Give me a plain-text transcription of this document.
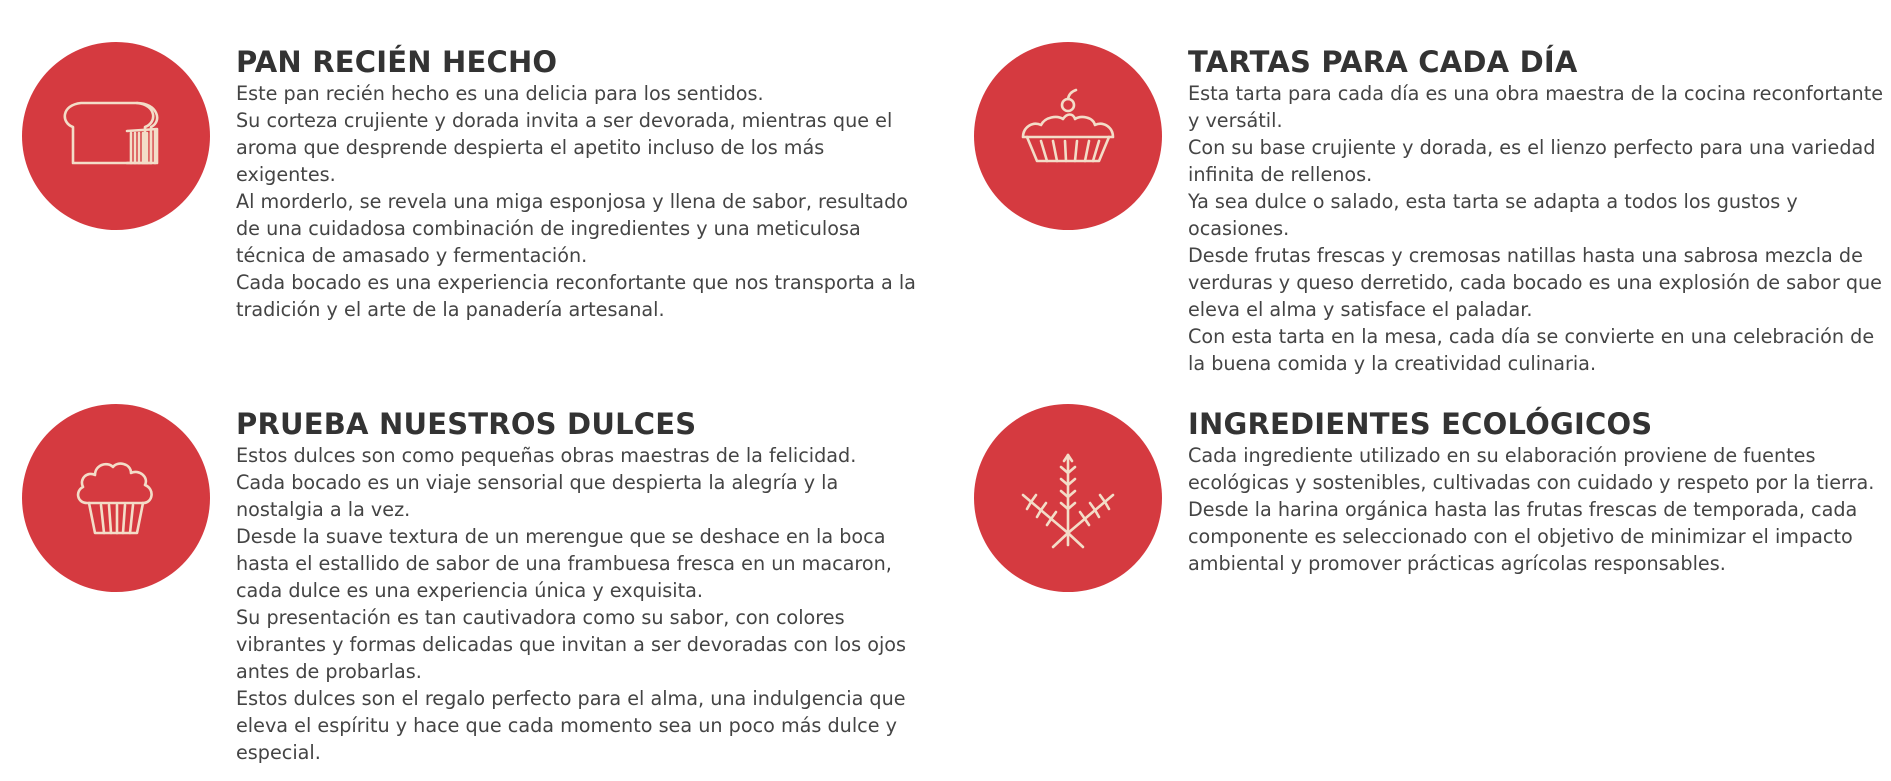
PAN RECIÉN HECHO

Este pan recién hecho es una delicia para los sentidos.

Su corteza crujiente y dorada invita a ser devorada, mientras que el aroma que desprende despierta el apetito incluso de los más exigentes.

Al morderlo, se revela una miga esponjosa y llena de sabor, resultado de una cuidadosa combinación de ingredientes y una meticulosa técnica de amasado y fermentación.

Cada bocado es una experiencia reconfortante que nos transporta a la tradición y el arte de la panadería artesanal.

TARTAS PARA CADA DÍA

Esta tarta para cada día es una obra maestra de la cocina reconfortante y versátil.

Con su base crujiente y dorada, es el lienzo perfecto para una variedad infinita de rellenos.

Ya sea dulce o salado, esta tarta se adapta a todos los gustos y ocasiones.

Desde frutas frescas y cremosas natillas hasta una sabrosa mezcla de verduras y queso derretido, cada bocado es una explosión de sabor que eleva el alma y satisface el paladar.

Con esta tarta en la mesa, cada día se convierte en una celebración de la buena comida y la creatividad culinaria.

PRUEBA NUESTROS DULCES

Estos dulces son como pequeñas obras maestras de la felicidad.

Cada bocado es un viaje sensorial que despierta la alegría y la nostalgia a la vez.

Desde la suave textura de un merengue que se deshace en la boca hasta el estallido de sabor de una frambuesa fresca en un macaron,

cada dulce es una experiencia única y exquisita.

Su presentación es tan cautivadora como su sabor, con colores vibrantes y formas delicadas que invitan a ser devoradas con los ojos antes de probarlas.

Estos dulces son el regalo perfecto para el alma, una indulgencia que eleva el espíritu y hace que cada momento sea un poco más dulce y especial.

INGREDIENTES ECOLÓGICOS

Cada ingrediente utilizado en su elaboración proviene de fuentes ecológicas y sostenibles, cultivadas con cuidado y respeto por la tierra.

Desde la harina orgánica hasta las frutas frescas de temporada, cada componente es seleccionado con el objetivo de minimizar el impacto ambiental y promover prácticas agrícolas responsables.
